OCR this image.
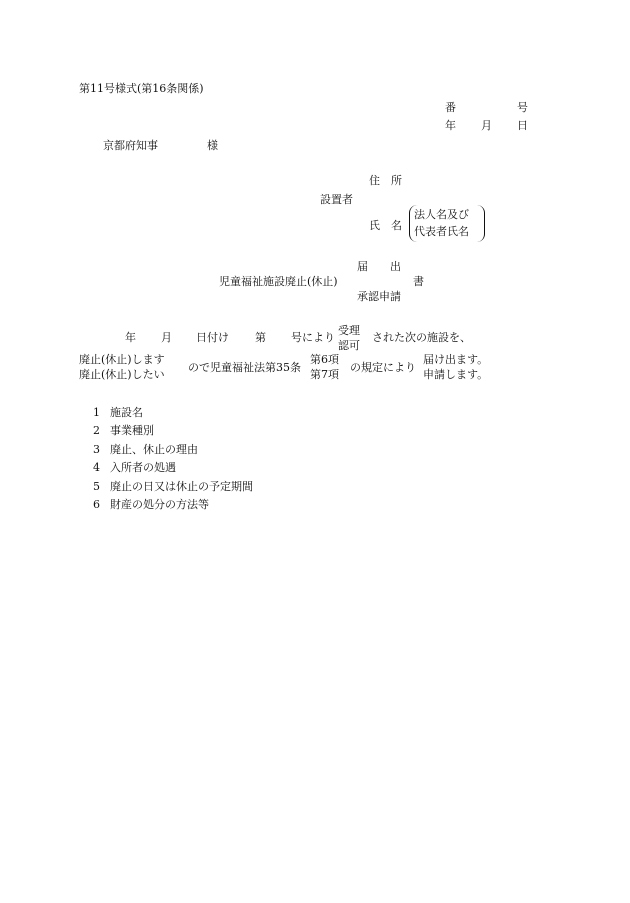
第11号様式(第16条関係)
番	号
年 月 日
京都府知事	様
住　所
設置者
氏　名
法人名及び
代表者氏名
届　　出
児童福祉施設廃止(休止)	書
承認申請
年 月 日付け 第 号により
受理
認可
された次の施設を、
廃止(休止)します
廃止(休止)したい
ので児童福祉法第35条
第6項
第7項
の規定により
届け出ます。
申請します。
1 施設名
2 事業種別
3 廃止、休止の理由
4 入所者の処遇
5 廃止の日又は休止の予定期間
6 財産の処分の方法等
